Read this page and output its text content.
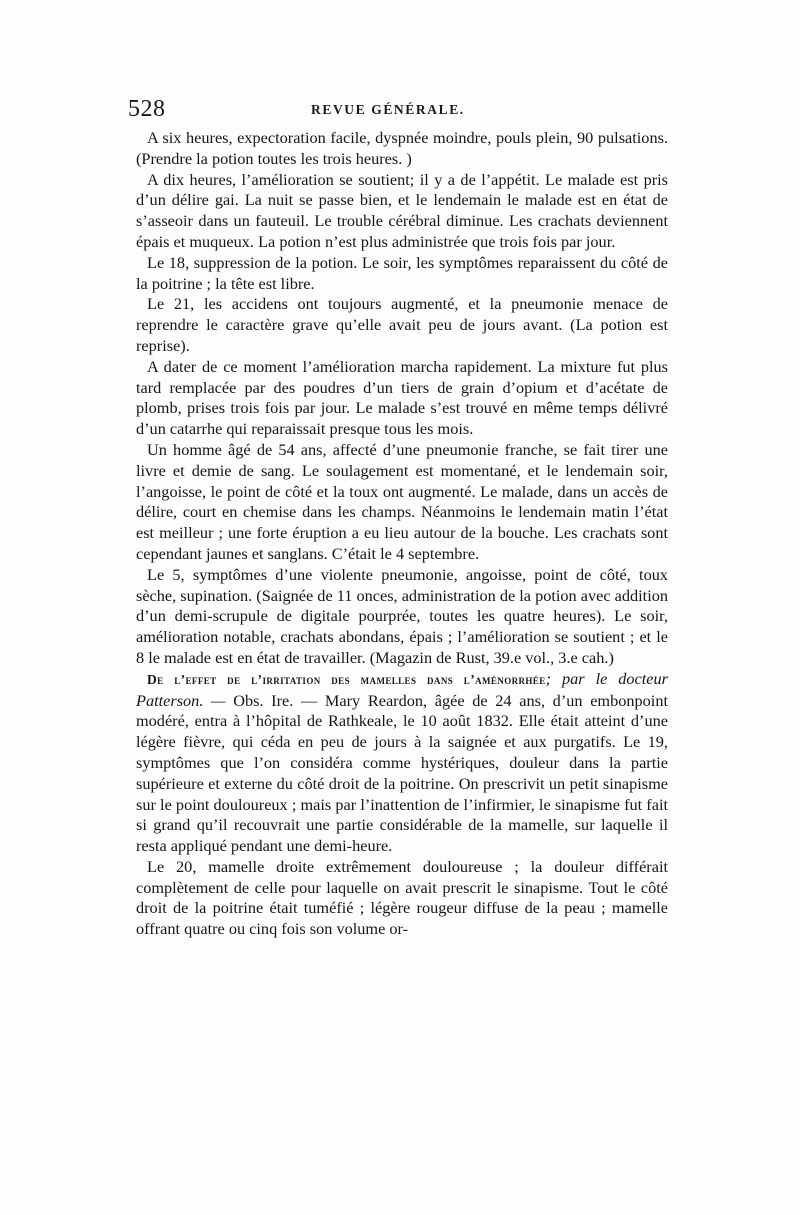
528	REVUE GÉNÉRALE.

A six heures, expectoration facile, dyspnée moindre, pouls plein, 90 pulsations. (Prendre la potion toutes les trois heures. )

A dix heures, l’amélioration se soutient; il y a de l’appétit. Le malade est pris d’un délire gai. La nuit se passe bien, et le lendemain le malade est en état de s’asseoir dans un fauteuil. Le trouble cérébral diminue. Les crachats deviennent épais et muqueux. La potion n’est plus administrée que trois fois par jour.

Le 18, suppression de la potion. Le soir, les symptômes reparaissent du côté de la poitrine ; la tête est libre.

Le 21, les accidens ont toujours augmenté, et la pneumonie menace de reprendre le caractère grave qu’elle avait peu de jours avant. (La potion est reprise).

A dater de ce moment l’amélioration marcha rapidement. La mixture fut plus tard remplacée par des poudres d’un tiers de grain d’opium et d’acétate de plomb, prises trois fois par jour. Le malade s’est trouvé en même temps délivré d’un catarrhe qui reparaissait presque tous les mois.

Un homme âgé de 54 ans, affecté d’une pneumonie franche, se fait tirer une livre et demie de sang. Le soulagement est momentané, et le lendemain soir, l’angoisse, le point de côté et la toux ont augmenté. Le malade, dans un accès de délire, court en chemise dans les champs. Néanmoins le lendemain matin l’état est meilleur ; une forte éruption a eu lieu autour de la bouche. Les crachats sont cependant jaunes et sanglans. C’était le 4 septembre.

Le 5, symptômes d’une violente pneumonie, angoisse, point de côté, toux sèche, supination. (Saignée de 11 onces, administration de la potion avec addition d’un demi-scrupule de digitale pourprée, toutes les quatre heures). Le soir, amélioration notable, crachats abondans, épais ; l’amélioration se soutient ; et le 8 le malade est en état de travailler. (Magazin de Rust, 39.e vol., 3.e cah.)

De l’effet de l’irritation des mamelles dans l’aménorrhée; par le docteur Patterson. — Obs. Ire. — Mary Reardon, âgée de 24 ans, d’un embonpoint modéré, entra à l’hôpital de Rathkeale, le 10 août 1832. Elle était atteint d’une légère fièvre, qui céda en peu de jours à la saignée et aux purgatifs. Le 19, symptômes que l’on considéra comme hystériques, douleur dans la partie supérieure et externe du côté droit de la poitrine. On prescrivit un petit sinapisme sur le point douloureux ; mais par l’inattention de l’infirmier, le sinapisme fut fait si grand qu’il recouvrait une partie considérable de la mamelle, sur laquelle il resta appliqué pendant une demi-heure.

Le 20, mamelle droite extrêmement douloureuse ; la douleur différait complètement de celle pour laquelle on avait prescrit le sinapisme. Tout le côté droit de la poitrine était tuméfié ; légère rougeur diffuse de la peau ; mamelle offrant quatre ou cinq fois son volume or-
